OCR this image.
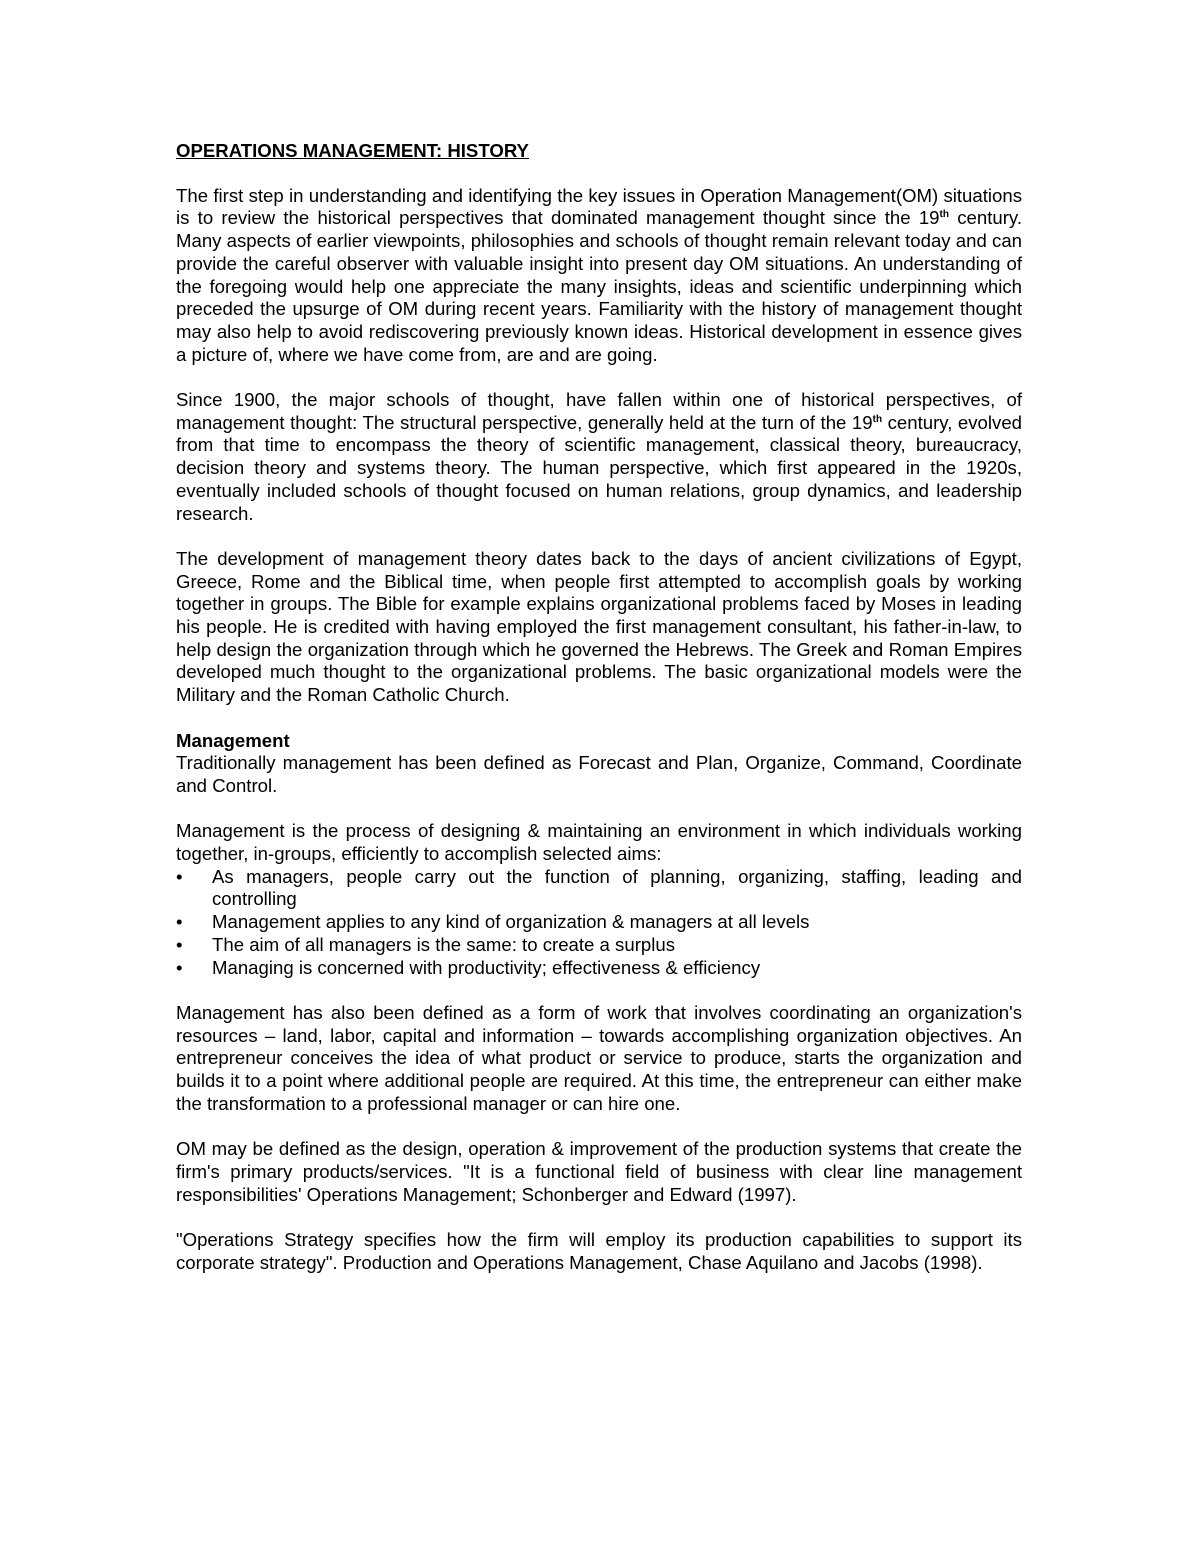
OPERATIONS MANAGEMENT: HISTORY

The first step in understanding and identifying the key issues in Operation Management(OM) situations is to review the historical perspectives that dominated management thought since the 19th century. Many aspects of earlier viewpoints, philosophies and schools of thought remain relevant today and can provide the careful observer with valuable insight into present day OM situations. An understanding of the foregoing would help one appreciate the many insights, ideas and scientific underpinning which preceded the upsurge of OM during recent years. Familiarity with the history of management thought may also help to avoid rediscovering previously known ideas. Historical development in essence gives a picture of, where we have come from, are and are going.

Since 1900, the major schools of thought, have fallen within one of historical perspectives, of management thought: The structural perspective, generally held at the turn of the 19th century, evolved from that time to encompass the theory of scientific management, classical theory, bureaucracy, decision theory and systems theory. The human perspective, which first appeared in the 1920s, eventually included schools of thought focused on human relations, group dynamics, and leadership research.

The development of management theory dates back to the days of ancient civilizations of Egypt, Greece, Rome and the Biblical time, when people first attempted to accomplish goals by working together in groups. The Bible for example explains organizational problems faced by Moses in leading his people. He is credited with having employed the first management consultant, his father-in-law, to help design the organization through which he governed the Hebrews. The Greek and Roman Empires developed much thought to the organizational problems. The basic organizational models were the Military and the Roman Catholic Church.

Management

Traditionally management has been defined as Forecast and Plan, Organize, Command, Coordinate and Control.

Management is the process of designing & maintaining an environment in which individuals working together, in-groups, efficiently to accomplish selected aims:

•	As managers, people carry out the function of planning, organizing, staffing, leading and controlling
•	Management applies to any kind of organization & managers at all levels
•	The aim of all managers is the same: to create a surplus
•	Managing is concerned with productivity; effectiveness & efficiency

Management has also been defined as a form of work that involves coordinating an organization's resources – land, labor, capital and information – towards accomplishing organization objectives. An entrepreneur conceives the idea of what product or service to produce, starts the organization and builds it to a point where additional people are required. At this time, the entrepreneur can either make the transformation to a professional manager or can hire one.

OM may be defined as the design, operation & improvement of the production systems that create the firm's primary products/services. "It is a functional field of business with clear line management responsibilities' Operations Management; Schonberger and Edward (1997).

"Operations Strategy specifies how the firm will employ its production capabilities to support its corporate strategy". Production and Operations Management, Chase Aquilano and Jacobs (1998).
